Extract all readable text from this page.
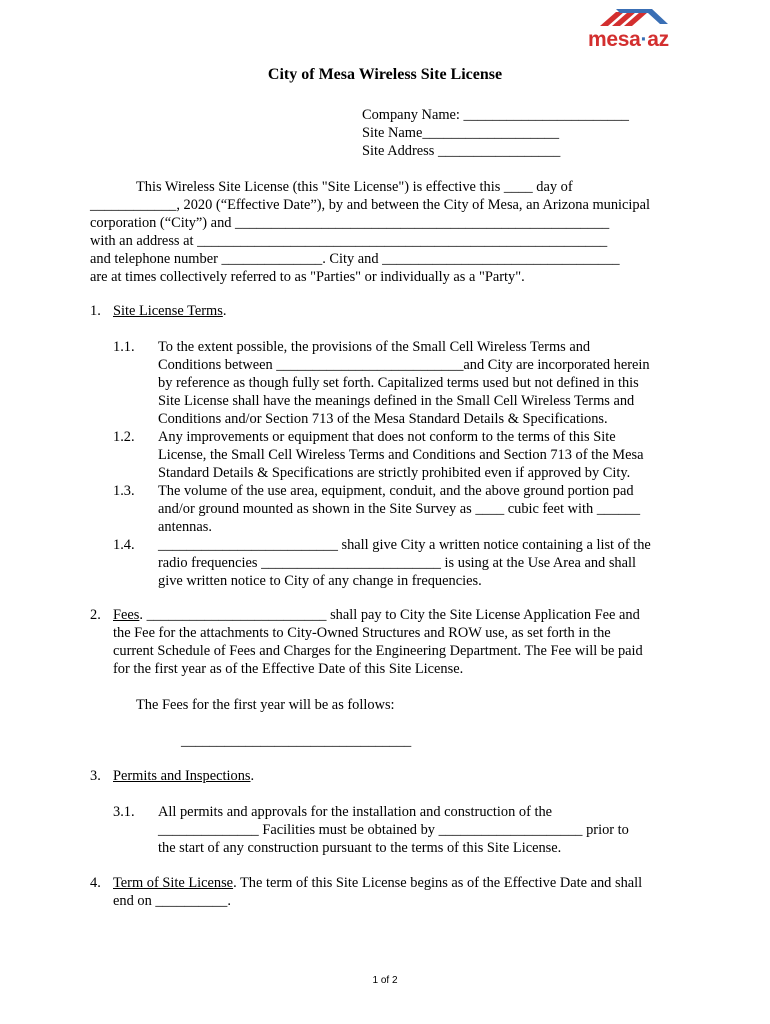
mesa·az
City of Mesa Wireless Site License
Company Name: _______________________
Site Name___________________
Site Address _________________
This Wireless Site License (this "Site License") is effective this ____ day of
____________, 2020 (“Effective Date”), by and between the City of Mesa, an Arizona municipal
corporation (“City”) and ____________________________________________________
with an address at _________________________________________________________
and telephone number ______________. City and _________________________________
are at times collectively referred to as "Parties" or individually as a "Party".
1. Site License Terms.
1.1. To the extent possible, the provisions of the Small Cell Wireless Terms and
Conditions between __________________________and City are incorporated herein
by reference as though fully set forth. Capitalized terms used but not defined in this
Site License shall have the meanings defined in the Small Cell Wireless Terms and
Conditions and/or Section 713 of the Mesa Standard Details & Specifications.
1.2. Any improvements or equipment that does not conform to the terms of this Site
License, the Small Cell Wireless Terms and Conditions and Section 713 of the Mesa
Standard Details & Specifications are strictly prohibited even if approved by City.
1.3. The volume of the use area, equipment, conduit, and the above ground portion pad
and/or ground mounted as shown in the Site Survey as ____ cubic feet with ______
antennas.
1.4. _________________________ shall give City a written notice containing a list of the
radio frequencies _________________________ is using at the Use Area and shall
give written notice to City of any change in frequencies.
2. Fees. _________________________ shall pay to City the Site License Application Fee and
the Fee for the attachments to City-Owned Structures and ROW use, as set forth in the
current Schedule of Fees and Charges for the Engineering Department. The Fee will be paid
for the first year as of the Effective Date of this Site License.
The Fees for the first year will be as follows:
________________________________
3. Permits and Inspections.
3.1. All permits and approvals for the installation and construction of the
______________ Facilities must be obtained by ____________________ prior to
the start of any construction pursuant to the terms of this Site License.
4. Term of Site License. The term of this Site License begins as of the Effective Date and shall
end on __________.
1 of 2
